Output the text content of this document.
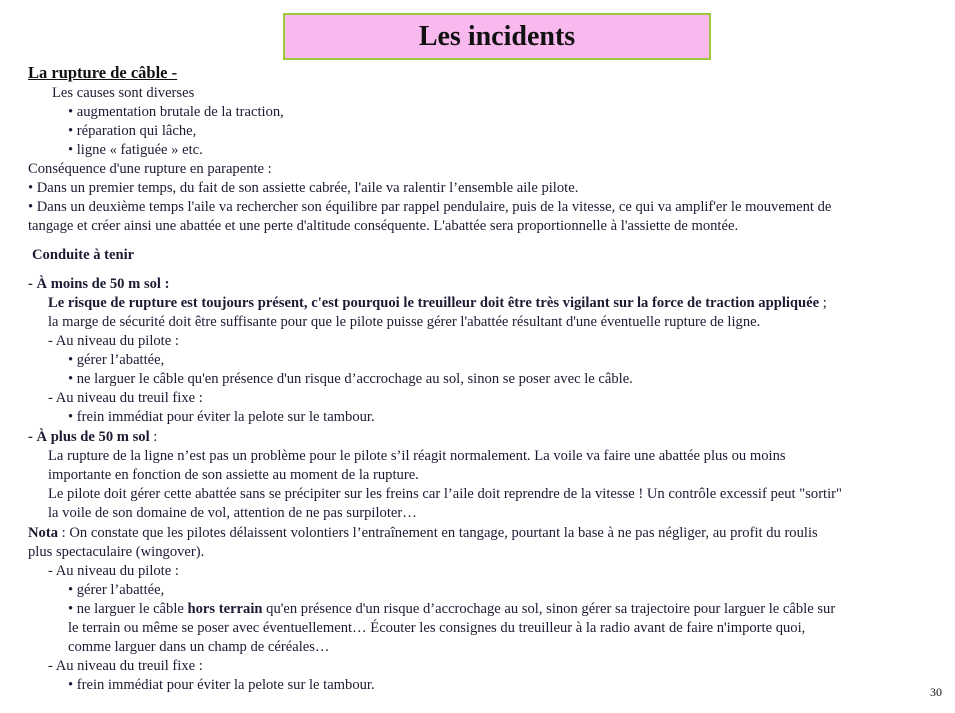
Les incidents
La rupture de câble -
Les causes sont diverses
• augmentation brutale de la traction,
• réparation qui lâche,
• ligne « fatiguée » etc.
Conséquence d'une rupture en parapente :
• Dans un premier temps, du fait de son assiette cabrée, l'aile va ralentir l’ensemble aile pilote.
• Dans un deuxième temps l'aile va rechercher son équilibre par rappel pendulaire, puis de la vitesse, ce qui va amplif'er le mouvement de
tangage et créer ainsi une abattée et une perte d'altitude conséquente. L'abattée sera proportionnelle à l'assiette de montée.
Conduite à tenir
- À moins de 50 m sol :
Le risque de rupture est toujours présent, c'est pourquoi le treuilleur doit être très vigilant sur la force de traction appliquée ;
la marge de sécurité doit être suffisante pour que le pilote puisse gérer l'abattée résultant d'une éventuelle rupture de ligne.
- Au niveau du pilote :
• gérer l’abattée,
• ne larguer le câble qu'en présence d'un risque d’accrochage au sol, sinon se poser avec le câble.
- Au niveau du treuil fixe :
• frein immédiat pour éviter la pelote sur le tambour.
- À plus de 50 m sol :
La rupture de la ligne n’est pas un problème pour le pilote s’il réagit normalement. La voile va faire une abattée plus ou moins
importante en fonction de son assiette au moment de la rupture.
Le pilote doit gérer cette abattée sans se précipiter sur les freins car l’aile doit reprendre de la vitesse ! Un contrôle excessif peut "sortir"
la voile de son domaine de vol, attention de ne pas surpiloter…
Nota : On constate que les pilotes délaissent volontiers l’entraînement en tangage, pourtant la base à ne pas négliger, au profit du roulis
plus spectaculaire (wingover).
- Au niveau du pilote :
• gérer l’abattée,
• ne larguer le câble hors terrain qu'en présence d'un risque d’accrochage au sol, sinon gérer sa trajectoire pour larguer le câble sur
le terrain ou même se poser avec éventuellement… Écouter les consignes du treuilleur à la radio avant de faire n'importe quoi,
comme larguer dans un champ de céréales…
- Au niveau du treuil fixe :
• frein immédiat pour éviter la pelote sur le tambour.	30
